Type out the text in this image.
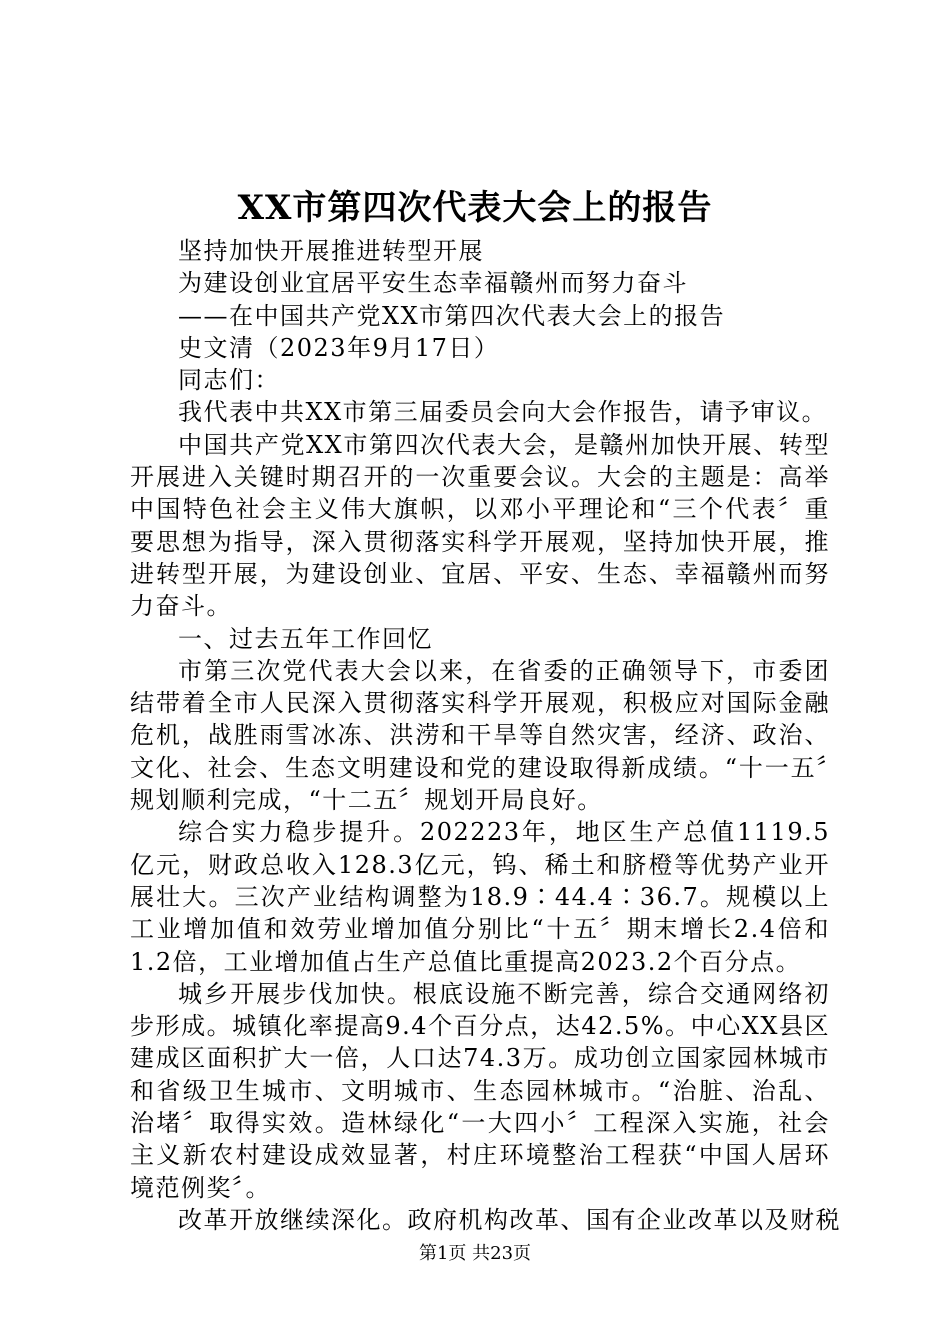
XX市第四次代表大会上的报告

坚持加快开展推进转型开展

为建设创业宜居平安生态幸福赣州而努力奋斗

——在中国共产党XX市第四次代表大会上的报告

史文清（2023年9月17日）

同志们：

我代表中共XX市第三届委员会向大会作报告，请予审议。

中国共产党XX市第四次代表大会，是赣州加快开展、转型开展进入关键时期召开的一次重要会议。大会的主题是：高举中国特色社会主义伟大旗帜，以邓小平理论和“三个代表〞重要思想为指导，深入贯彻落实科学开展观，坚持加快开展，推进转型开展，为建设创业、宜居、平安、生态、幸福赣州而努力奋斗。

一、过去五年工作回忆

市第三次党代表大会以来，在省委的正确领导下，市委团结带着全市人民深入贯彻落实科学开展观，积极应对国际金融危机，战胜雨雪冰冻、洪涝和干旱等自然灾害，经济、政治、文化、社会、生态文明建设和党的建设取得新成绩。“十一五〞规划顺利完成，“十二五〞规划开局良好。

综合实力稳步提升。202223年，地区生产总值1119.5亿元，财政总收入128.3亿元，钨、稀土和脐橙等优势产业开展壮大。三次产业结构调整为18.9∶44.4∶36.7。规模以上工业增加值和效劳业增加值分别比“十五〞期末增长2.4倍和1.2倍，工业增加值占生产总值比重提高2023.2个百分点。

城乡开展步伐加快。根底设施不断完善，综合交通网络初步形成。城镇化率提高9.4个百分点，达42.5%。中心XX县区建成区面积扩大一倍，人口达74.3万。成功创立国家园林城市和省级卫生城市、文明城市、生态园林城市。“治脏、治乱、治堵〞取得实效。造林绿化“一大四小〞工程深入实施，社会主义新农村建设成效显著，村庄环境整治工程获“中国人居环境范例奖〞。

改革开放继续深化。政府机构改革、国有企业改革以及财税

第1页 共23页
